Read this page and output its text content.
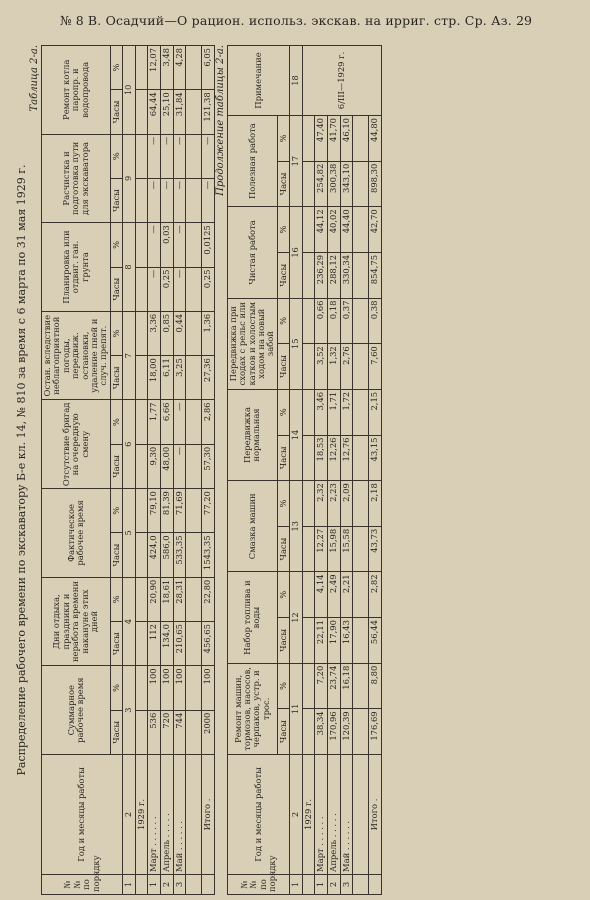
№ 8 В. Осадчий—О рацион. использ. экскав. на ирриг. стр. Ср. Аз. 29
Распределение рабочего времени по экскаватору Б-е кл. 14, № 810 за время с 6 марта по 31 мая 1929 г.
Таблица 2-а.
№№ по порядку	Год и месяцы работы	Суммарное рабочее время		Дни отдыха, праздники и неработа времени накануне этих дней		Фактическое рабочее время		Отсутствие бригад на очередную смену		Остан. вследствие неблагоприятной погоды, передвиж. остановки, удаление пней и случ. препят.		Планировка или отдвиг. ган. грунта		Расчистка и подготовка пути для экскаватора		Ремонт котла паропр. и водопровода	
		Часы	%	Часы	%	Часы	%	Часы	%	Часы	%	Часы	%	Часы	%	Часы	%
1	2	3		4		5		6		7		8		9		10	
	1929 г.																
1	Март . . . . . .	536	100	112	20,90	424,0	79,10	9,30	1,77	18,00	3,36	—	—	—	—	64,44	12,07
2	Апрель . . . . .	720	100	134,0	18,61	586,0	81,39	48,00	6,66	6,11	0,85	0,25	0,03	—	—	25,10	3,48
3	Май . . . . . .	744	100	210,65	28,31	533,35	71,69	—	—	3,25	0,44	—	—	—	—	31,84	4,28

	Итого .	2000	100	456,65	22,80	1543,35	77,20	57,30	2,86	27,36	1,36	0,25	0,0125	—	—	121,38	6,05 Продолжение таблицы 2-а.
№№ по порядку	Год и месяцы работы	Ремонт машин, тормозов, насосов, черпаков, устр. и трос.		Набор топлива и воды		Смазка машин		Передвижка нормальная		Передвижка при сходах с рельс или катков и холостым ходом на новый забой		Чистая работа		Полезная работа		Примечание
		Часы	%	Часы	%	Часы	%	Часы	%	Часы	%	Часы	%	Часы	%	
1	2	11		12		13		14		15		16		17		18
	1929 г.															6/III—1929 г.
1	Март . . . . . .	38,34	7,20	22,11	4,14	12,27	2,32	18,53	3,46	3,52	0,66	236,29	44,12	254,82	47,40	
2	Апрель . . . . .	170,96	23,74	17,90	2,49	15,98	2,23	12,26	1,71	1,32	0,18	288,12	40,02	300,38	41,70	
3	Май . . . . . .	120,39	16,18	16,43	2,21	15,58	2,09	12,76	1,72	2,76	0,37	330,34	44,40	343,10	46,10	

	Итого .	176,69	8,80	56,44	2,82	43,73	2,18	43,15	2,15	7,60	0,38	854,75	42,70	898,30	44,80	
